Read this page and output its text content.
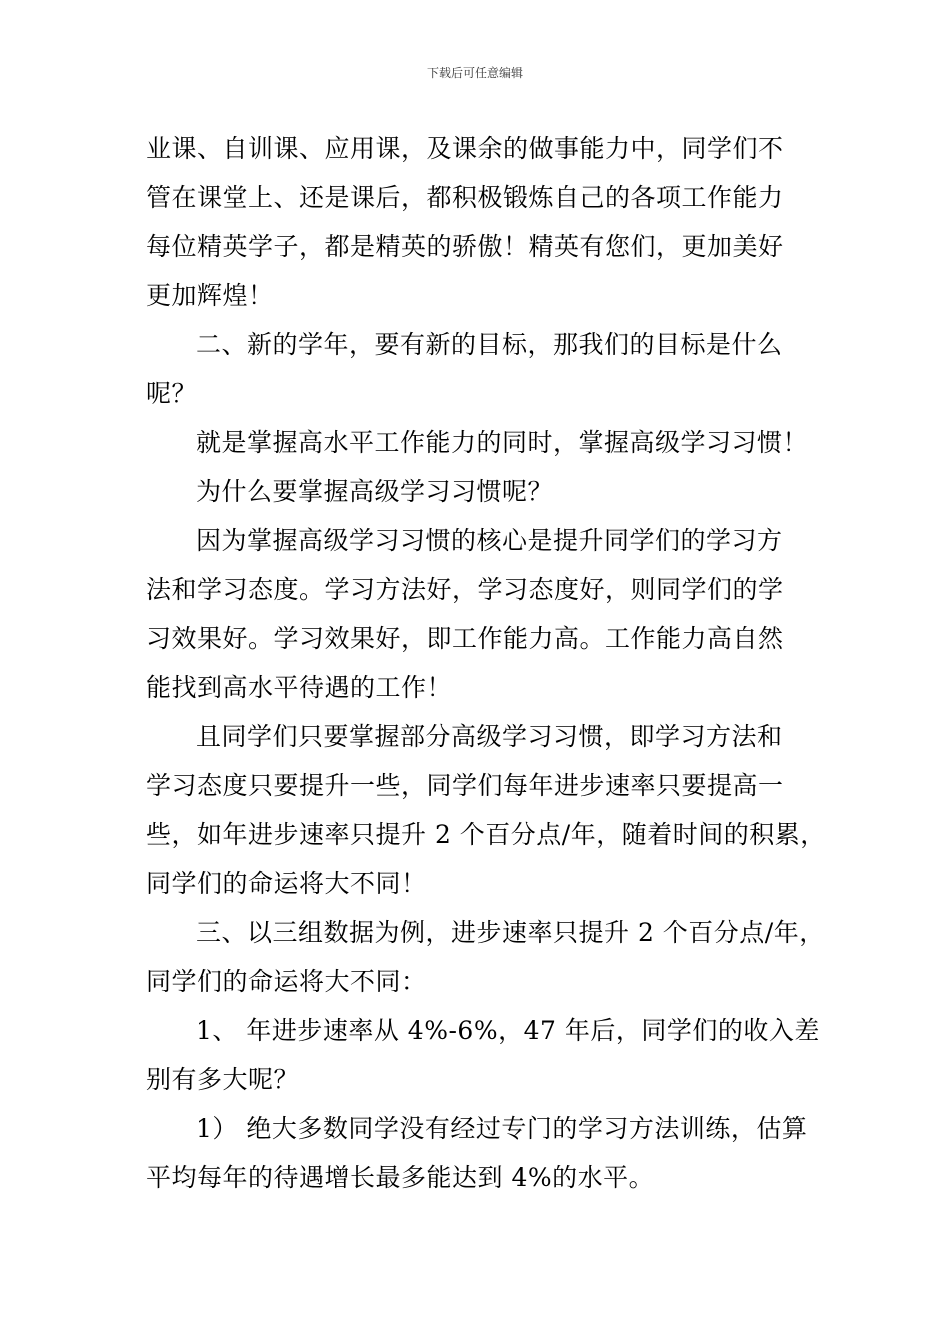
下载后可任意编辑
业课、自训课、应用课，及课余的做事能力中，同学们不
管在课堂上、还是课后，都积极锻炼自己的各项工作能力
每位精英学子，都是精英的骄傲！精英有您们，更加美好
更加辉煌！
二、新的学年，要有新的目标，那我们的目标是什么
呢？
就是掌握高水平工作能力的同时，掌握高级学习习惯！
为什么要掌握高级学习习惯呢？
因为掌握高级学习习惯的核心是提升同学们的学习方
法和学习态度。学习方法好，学习态度好，则同学们的学
习效果好。学习效果好，即工作能力高。工作能力高自然
能找到高水平待遇的工作！
且同学们只要掌握部分高级学习习惯，即学习方法和
学习态度只要提升一些，同学们每年进步速率只要提高一
些，如年进步速率只提升 2 个百分点/年，随着时间的积累，
同学们的命运将大不同！
三、以三组数据为例，进步速率只提升 2 个百分点/年，
同学们的命运将大不同：
1、 年进步速率从 4%-6%，47 年后，同学们的收入差
别有多大呢？
1） 绝大多数同学没有经过专门的学习方法训练，估算
平均每年的待遇增长最多能达到 4%的水平。
